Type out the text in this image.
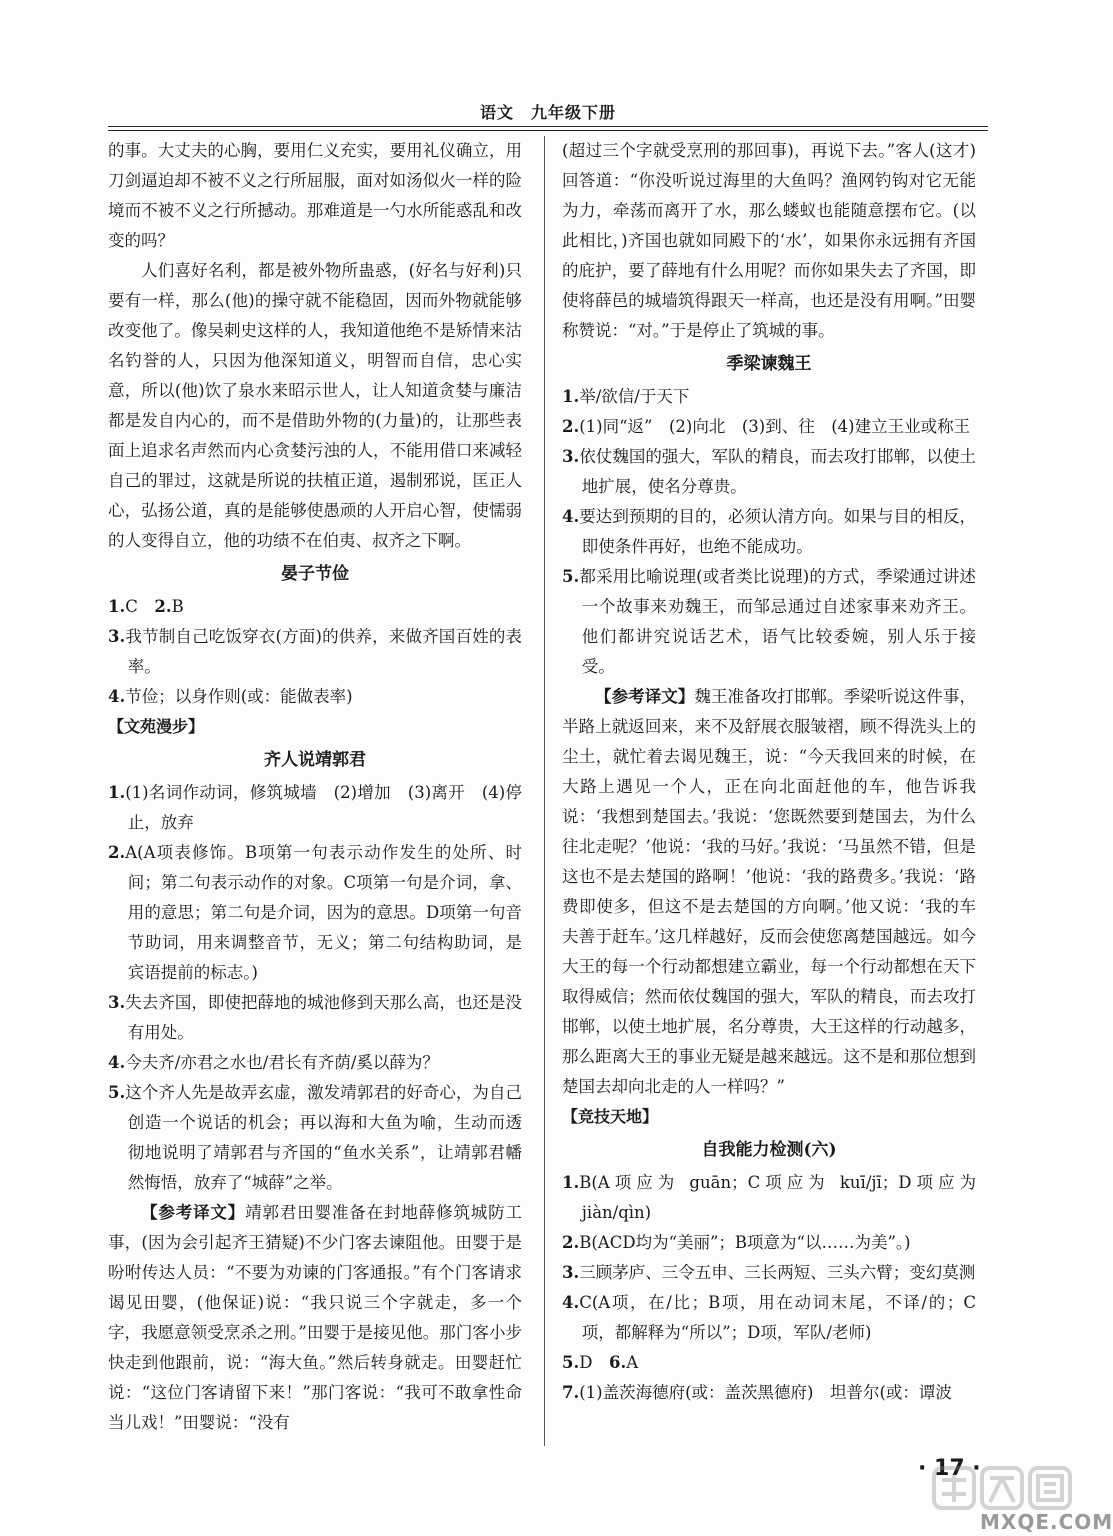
语文　九年级下册

的事。大丈夫的心胸，要用仁义充实，要用礼仪确立，用刀剑逼迫却不被不义之行所屈服，面对如汤似火一样的险境而不被不义之行所撼动。那难道是一勺水所能惑乱和改变的吗？

人们喜好名利，都是被外物所蛊惑，(好名与好利)只要有一样，那么(他)的操守就不能稳固，因而外物就能够改变他了。像吴刺史这样的人，我知道他绝不是矫情来沽名钓誉的人，只因为他深知道义，明智而自信，忠心实意，所以(他)饮了泉水来昭示世人，让人知道贪婪与廉洁都是发自内心的，而不是借助外物的(力量)的，让那些表面上追求名声然而内心贪婪污浊的人，不能用借口来减轻自己的罪过，这就是所说的扶植正道，遏制邪说，匡正人心，弘扬公道，真的是能够使愚顽的人开启心智，使懦弱的人变得自立，他的功绩不在伯夷、叔齐之下啊。

晏子节俭

1.C　2.B

3.我节制自己吃饭穿衣(方面)的供养，来做齐国百姓的表率。

4.节俭；以身作则(或：能做表率)

【文苑漫步】

齐人说靖郭君

1.(1)名词作动词，修筑城墙　(2)增加　(3)离开　(4)停止，放弃

2.A(A项表修饰。B项第一句表示动作发生的处所、时间；第二句表示动作的对象。C项第一句是介词，拿、用的意思；第二句是介词，因为的意思。D项第一句音节助词，用来调整音节，无义；第二句结构助词，是宾语提前的标志。)

3.失去齐国，即使把薛地的城池修到天那么高，也还是没有用处。

4.今夫齐/亦君之水也/君长有齐荫/奚以薛为？

5.这个齐人先是故弄玄虚，激发靖郭君的好奇心，为自己创造一个说话的机会；再以海和大鱼为喻，生动而透彻地说明了靖郭君与齐国的“鱼水关系”，让靖郭君幡然悔悟，放弃了“城薛”之举。

【参考译文】靖郭君田婴准备在封地薛修筑城防工事，(因为会引起齐王猜疑)不少门客去谏阻他。田婴于是吩咐传达人员：“不要为劝谏的门客通报。”有个门客请求谒见田婴，(他保证)说：“我只说三个字就走，多一个字，我愿意领受烹杀之刑。”田婴于是接见他。那门客小步快走到他跟前，说：“海大鱼。”然后转身就走。田婴赶忙说：“这位门客请留下来！”那门客说：“我可不敢拿性命当儿戏！”田婴说：“没有

(超过三个字就受烹刑的那回事)，再说下去。”客人(这才)回答道：“你没听说过海里的大鱼吗？渔网钓钩对它无能为力，牵荡而离开了水，那么蝼蚁也能随意摆布它。(以此相比，)齐国也就如同殿下的‘水’，如果你永远拥有齐国的庇护，要了薛地有什么用呢？而你如果失去了齐国，即使将薛邑的城墙筑得跟天一样高，也还是没有用啊。”田婴称赞说：“对。”于是停止了筑城的事。

季梁谏魏王

1.举/欲信/于天下

2.(1)同“返”　(2)向北　(3)到、往　(4)建立王业或称王

3.依仗魏国的强大，军队的精良，而去攻打邯郸，以使土地扩展，使名分尊贵。

4.要达到预期的目的，必须认清方向。如果与目的相反，即使条件再好，也绝不能成功。

5.都采用比喻说理(或者类比说理)的方式，季梁通过讲述一个故事来劝魏王，而邹忌通过自述家事来劝齐王。他们都讲究说话艺术，语气比较委婉，别人乐于接受。

【参考译文】魏王准备攻打邯郸。季梁听说这件事，半路上就返回来，来不及舒展衣服皱褶，顾不得洗头上的尘土，就忙着去谒见魏王，说：“今天我回来的时候，在大路上遇见一个人，正在向北面赶他的车，他告诉我说：‘我想到楚国去。’我说：‘您既然要到楚国去，为什么往北走呢？’他说：‘我的马好。’我说：‘马虽然不错，但是这也不是去楚国的路啊！’他说：‘我的路费多。’我说：‘路费即使多，但这不是去楚国的方向啊。’他又说：‘我的车夫善于赶车。’这几样越好，反而会使您离楚国越远。如今大王的每一个行动都想建立霸业，每一个行动都想在天下取得威信；然而依仗魏国的强大，军队的精良，而去攻打邯郸，以使土地扩展，名分尊贵，大王这样的行动越多，那么距离大王的事业无疑是越来越远。这不是和那位想到楚国去却向北走的人一样吗？”

【竞技天地】

自我能力检测(六)

1.B(A项应为 guān；C项应为 kuī/jī；D项应为 jiàn/qìn)

2.B(ACD均为“美丽”；B项意为“以……为美”。)

3.三顾茅庐、三令五申、三长两短、三头六臂；变幻莫测

4.C(A项，在/比；B项，用在动词末尾，不译/的；C项，都解释为“所以”；D项，军队/老师)

5.D　6.A

7.(1)盖茨海德府(或：盖茨黑德府)　坦普尔(或：谭波

· 17 ·
MXQE.COM
